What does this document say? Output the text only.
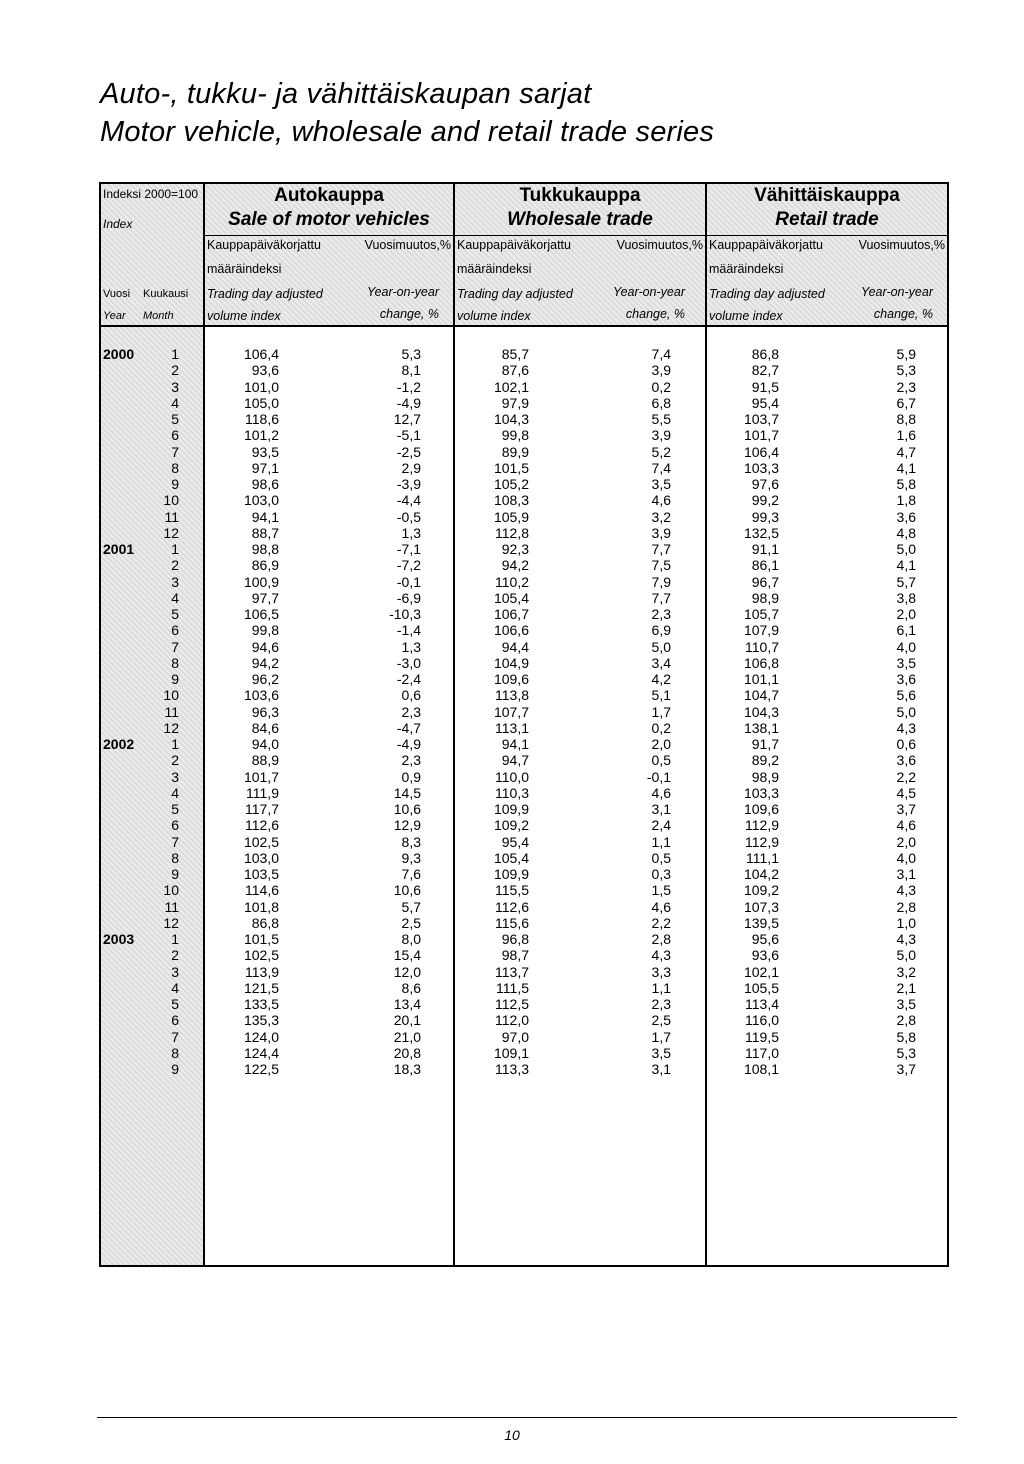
Auto-, tukku- ja vähittäiskaupan sarjat
Motor vehicle, wholesale and retail trade series
Indeksi 2000=100
Index
Vuosi Kuukausi
Year Month
Autokauppa
Sale of motor vehicles
Kauppapäiväkorjattu	Vuosimuutos,%
määräindeksi
Trading day adjusted	Year-on-year
volume index	change, %
Tukkukauppa
Wholesale trade
Kauppapäiväkorjattu	Vuosimuutos,%
määräindeksi
Trading day adjusted	Year-on-year
volume index	change, %
Vähittäiskauppa
Retail trade
Kauppapäiväkorjattu	Vuosimuutos,%
määräindeksi
Trading day adjusted	Year-on-year
volume index	change, %
2000	1	106,4	5,3	85,7	7,4	86,8	5,9
2	93,6	8,1	87,6	3,9	82,7	5,3
3	101,0	-1,2	102,1	0,2	91,5	2,3
4	105,0	-4,9	97,9	6,8	95,4	6,7
5	118,6	12,7	104,3	5,5	103,7	8,8
6	101,2	-5,1	99,8	3,9	101,7	1,6
7	93,5	-2,5	89,9	5,2	106,4	4,7
8	97,1	2,9	101,5	7,4	103,3	4,1
9	98,6	-3,9	105,2	3,5	97,6	5,8
10	103,0	-4,4	108,3	4,6	99,2	1,8
11	94,1	-0,5	105,9	3,2	99,3	3,6
12	88,7	1,3	112,8	3,9	132,5	4,8
2001	1	98,8	-7,1	92,3	7,7	91,1	5,0
2	86,9	-7,2	94,2	7,5	86,1	4,1
3	100,9	-0,1	110,2	7,9	96,7	5,7
4	97,7	-6,9	105,4	7,7	98,9	3,8
5	106,5	-10,3	106,7	2,3	105,7	2,0
6	99,8	-1,4	106,6	6,9	107,9	6,1
7	94,6	1,3	94,4	5,0	110,7	4,0
8	94,2	-3,0	104,9	3,4	106,8	3,5
9	96,2	-2,4	109,6	4,2	101,1	3,6
10	103,6	0,6	113,8	5,1	104,7	5,6
11	96,3	2,3	107,7	1,7	104,3	5,0
12	84,6	-4,7	113,1	0,2	138,1	4,3
2002	1	94,0	-4,9	94,1	2,0	91,7	0,6
2	88,9	2,3	94,7	0,5	89,2	3,6
3	101,7	0,9	110,0	-0,1	98,9	2,2
4	111,9	14,5	110,3	4,6	103,3	4,5
5	117,7	10,6	109,9	3,1	109,6	3,7
6	112,6	12,9	109,2	2,4	112,9	4,6
7	102,5	8,3	95,4	1,1	112,9	2,0
8	103,0	9,3	105,4	0,5	111,1	4,0
9	103,5	7,6	109,9	0,3	104,2	3,1
10	114,6	10,6	115,5	1,5	109,2	4,3
11	101,8	5,7	112,6	4,6	107,3	2,8
12	86,8	2,5	115,6	2,2	139,5	1,0
2003	1	101,5	8,0	96,8	2,8	95,6	4,3
2	102,5	15,4	98,7	4,3	93,6	5,0
3	113,9	12,0	113,7	3,3	102,1	3,2
4	121,5	8,6	111,5	1,1	105,5	2,1
5	133,5	13,4	112,5	2,3	113,4	3,5
6	135,3	20,1	112,0	2,5	116,0	2,8
7	124,0	21,0	97,0	1,7	119,5	5,8
8	124,4	20,8	109,1	3,5	117,0	5,3
9	122,5	18,3	113,3	3,1	108,1	3,7
10
